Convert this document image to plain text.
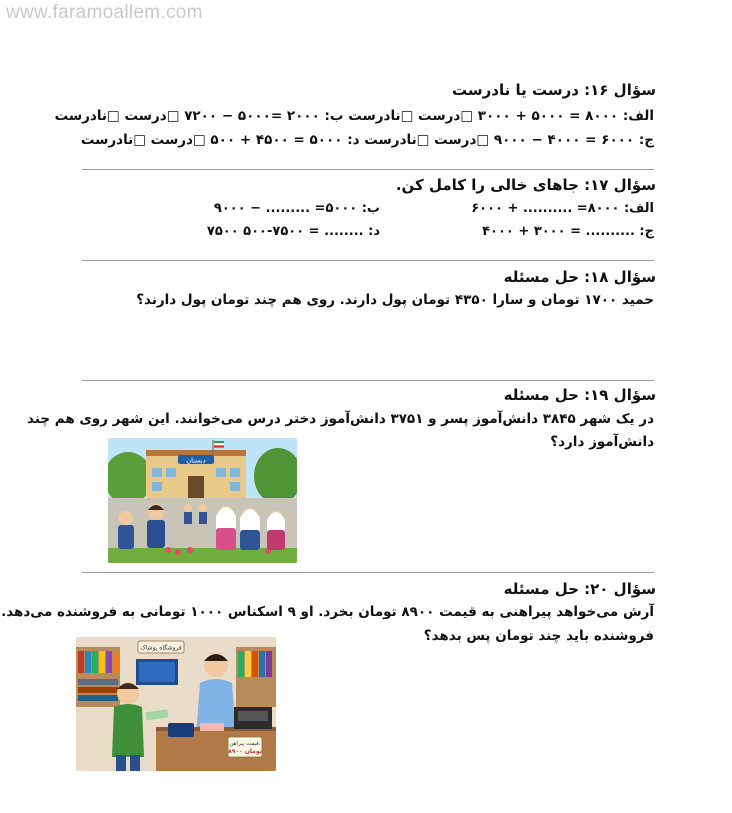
www.faramoallem.com
سؤال ۱۶: درست یا نادرست
الف: ۸۰۰۰ = ۵۰۰۰ + ۳۰۰۰ □درست □نادرست ب: ۲۰۰۰ =۵۰۰۰ − ۷۲۰۰ □درست □نادرست
ج: ۶۰۰۰ = ۴۰۰۰ − ۹۰۰۰ □درست □نادرست د: ۵۰۰۰ = ۴۵۰۰ + ۵۰۰ □درست □نادرست
سؤال ۱۷: جاهای خالی را کامل کن.
الف: ۸۰۰۰= .......... + ۶۰۰۰
ب: ۵۰۰۰= ......... − ۹۰۰۰
ج: .......... = ۳۰۰۰ + ۴۰۰۰
د: ........ = ۷۵۰۰-۵۰۰ ۷۵۰۰
سؤال ۱۸: حل مسئله
حمید ۱۷۰۰ تومان و سارا ۴۳۵۰ تومان پول دارند. روی هم چند تومان پول دارند؟
سؤال ۱۹: حل مسئله
در یک شهر ۳۸۴۵ دانش‌آموز پسر و ۳۷۵۱ دانش‌آموز دختر درس می‌خوانند. این شهر روی هم چند
دانش‌آموز دارد؟
دبستان
سؤال ۲۰: حل مسئله
آرش می‌خواهد پیراهنی به قیمت ۸۹۰۰ تومان بخرد. او ۹ اسکناس ۱۰۰۰ تومانی به فروشنده می‌دهد.
فروشنده باید چند تومان پس بدهد؟
فروشگاه پوشاک
قیمت پیراهن:
۸۹۰۰ تومان
